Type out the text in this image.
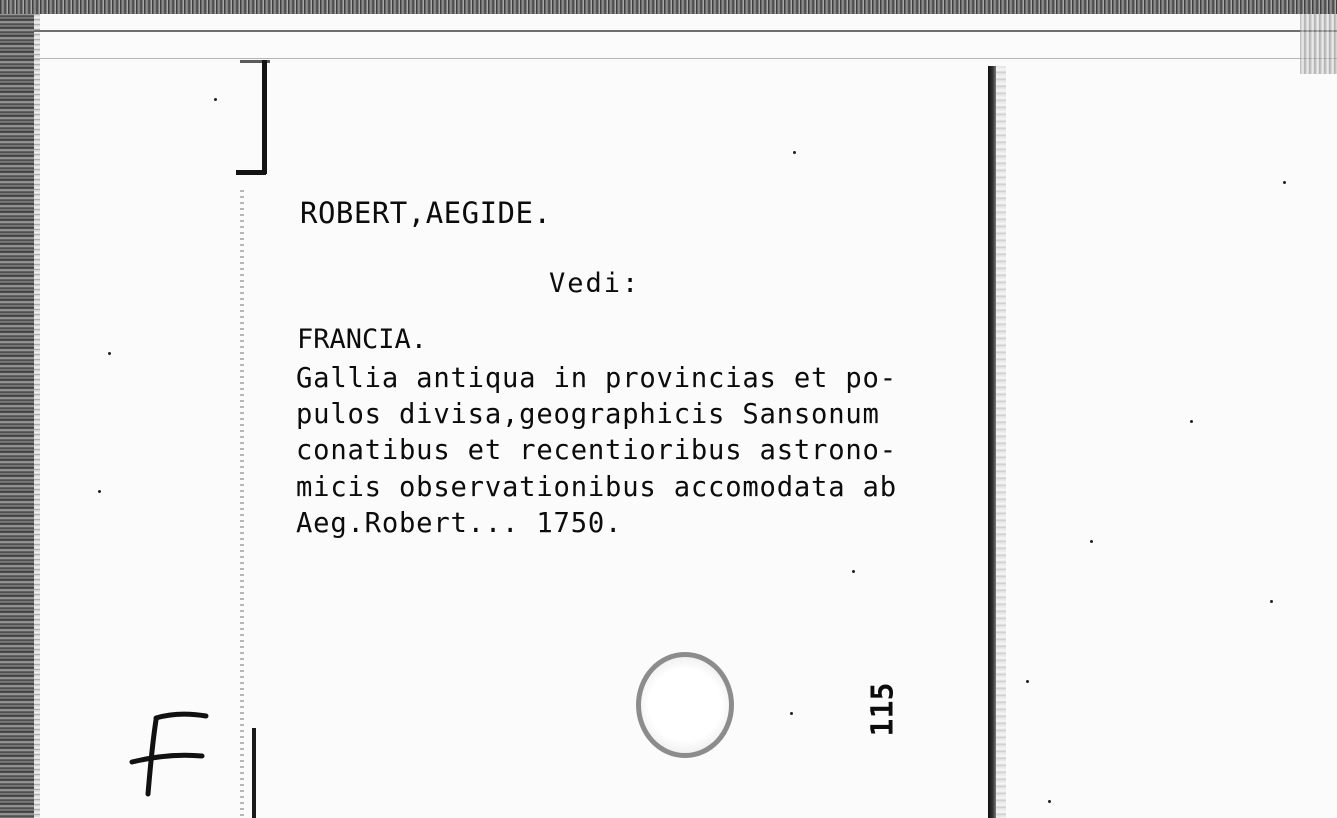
ROBERT,AEGIDE.
Vedi:
FRANCIA.
Gallia antiqua in provincias et po-
pulos divisa,geographicis Sansonum
conatibus et recentioribus astrono-
micis observationibus accomodata ab
Aeg.Robert... 1750.
115
